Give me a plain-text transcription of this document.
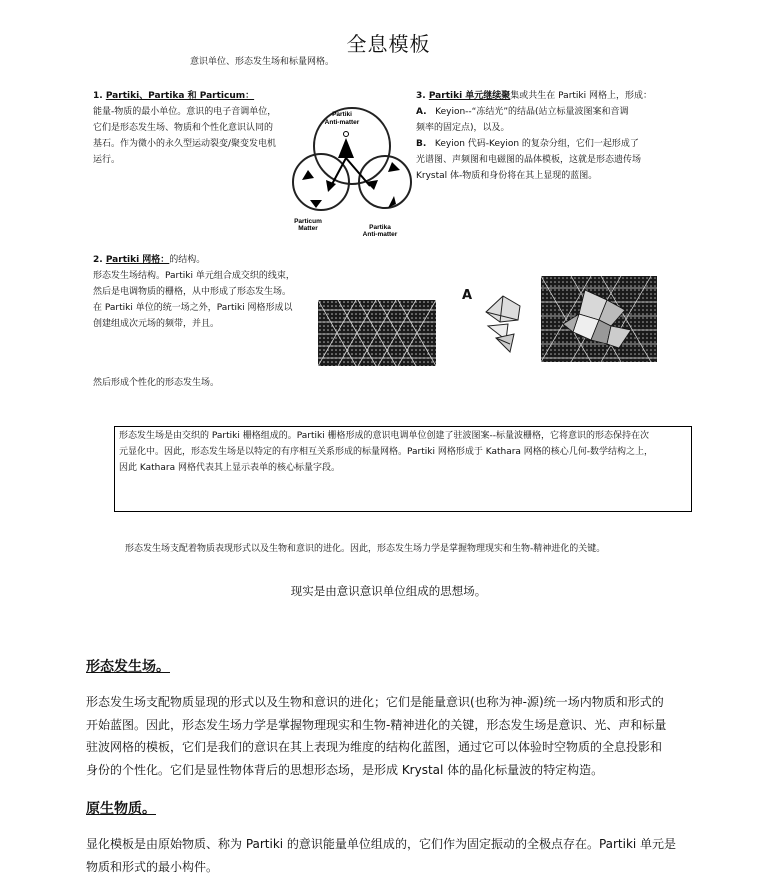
全息模板
意识单位、形态发生场和标量网格。
1. Partiki、Partika 和 Particum：
能量-物质的最小单位。意识的电子音调单位，
它们是形态发生场、物质和个性化意识认同的
基石。作为微小的永久型运动裂变/聚变发电机
运行。
Partiki
Anti-matter
Particum
Matter	Partika
Anti-matter
3. Partiki 单元继续聚集或共生在 Partiki 网格上，形成：
A. Keyion--“冻结光”的结晶(站立标量波图案和音调
频率的固定点)，以及。
B. Keyion 代码-Keyion 的复杂分组，它们一起形成了
光谱图、声频图和电磁图的晶体模板，这就是形态遗传场
Krystal 体-物质和身份将在其上显现的蓝图。
2. Partiki 网格：的结构。
形态发生场结构。Partiki 单元组合成交织的线束，
然后是电调物质的栅格，从中形成了形态发生场。
在 Partiki 单位的统一场之外，Partiki 网格形成以
创建组成次元场的频带，并且。
然后形成个性化的形态发生场。
A
形态发生场是由交织的 Partiki 栅格组成的。Partiki 栅格形成的意识电调单位创建了驻波图案--标量波栅格，它将意识的形态保持在次
元显化中。因此，形态发生场是以特定的有序相互关系形成的标量网格。Partiki 网格形成于 Kathara 网格的核心几何-数学结构之上，
因此 Kathara 网格代表其上显示表单的核心标量字段。
形态发生场支配着物质表现形式以及生物和意识的进化。因此，形态发生场力学是掌握物理现实和生物-精神进化的关键。
现实是由意识意识单位组成的思想场。
形态发生场。
形态发生场支配物质显现的形式以及生物和意识的进化；它们是能量意识(也称为神-源)统一场内物质和形式的
开始蓝图。因此，形态发生场力学是掌握物理现实和生物-精神进化的关键，形态发生场是意识、光、声和标量
驻波网格的模板，它们是我们的意识在其上表现为维度的结构化蓝图，通过它可以体验时空物质的全息投影和
身份的个性化。它们是显性物体背后的思想形态场，是形成 Krystal 体的晶化标量波的特定构造。
原生物质。
显化模板是由原始物质、称为 Partiki 的意识能量单位组成的，它们作为固定振动的全极点存在。Partiki 单元是
物质和形式的最小构件。
